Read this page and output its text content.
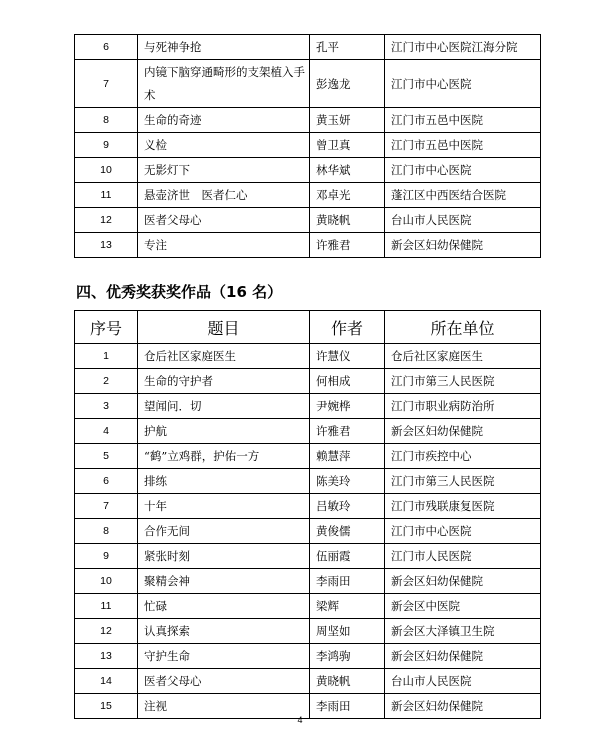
6	与死神争抢	孔平	江门市中心医院江海分院
7	内镜下脑穿通畸形的支架植入手术	彭逸龙	江门市中心医院
8	生命的奇迹	黄玉妍	江门市五邑中医院
9	义检	曾卫真	江门市五邑中医院
10	无影灯下	林华斌	江门市中心医院
11	悬壶济世　医者仁心	邓卓光	蓬江区中西医结合医院
12	医者父母心	黄晓帆	台山市人民医院
13	专注	许雅君	新会区妇幼保健院
四、优秀奖获奖作品（16 名）
序号	题目	作者	所在单位
1	仓后社区家庭医生	许慧仪	仓后社区家庭医生
2	生命的守护者	何相成	江门市第三人民医院
3	望闻问．切	尹婉桦	江门市职业病防治所
4	护航	许雅君	新会区妇幼保健院
5	“鹤”立鸡群，护佑一方	赖慧萍	江门市疾控中心
6	排练	陈美玲	江门市第三人民医院
7	十年	吕敏玲	江门市残联康复医院
8	合作无间	黄俊儒	江门市中心医院
9	紧张时刻	伍丽霞	江门市人民医院
10	聚精会神	李雨田	新会区妇幼保健院
11	忙碌	梁辉	新会区中医院
12	认真探索	周坚如	新会区大泽镇卫生院
13	守护生命	李鸿驹	新会区妇幼保健院
14	医者父母心	黄晓帆	台山市人民医院
15	注视	李雨田	新会区妇幼保健院
4
